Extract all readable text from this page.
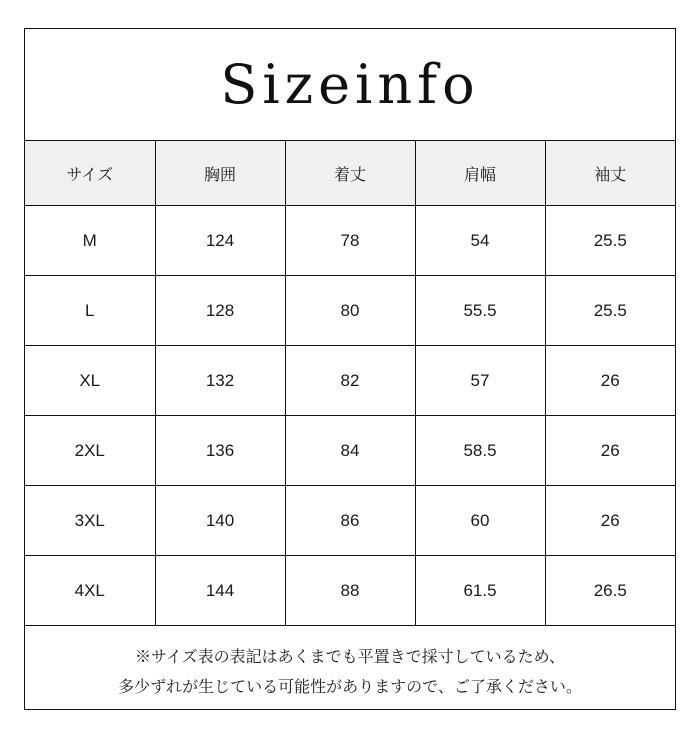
Sizeinfo
サイズ	胸囲	着丈	肩幅	袖丈
M	124	78	54	25.5
L	128	80	55.5	25.5
XL	132	82	57	26
2XL	136	84	58.5	26
3XL	140	86	60	26
4XL	144	88	61.5	26.5
※サイズ表の表記はあくまでも平置きで採寸しているため、
多少ずれが生じている可能性がありますので、ご了承ください。
